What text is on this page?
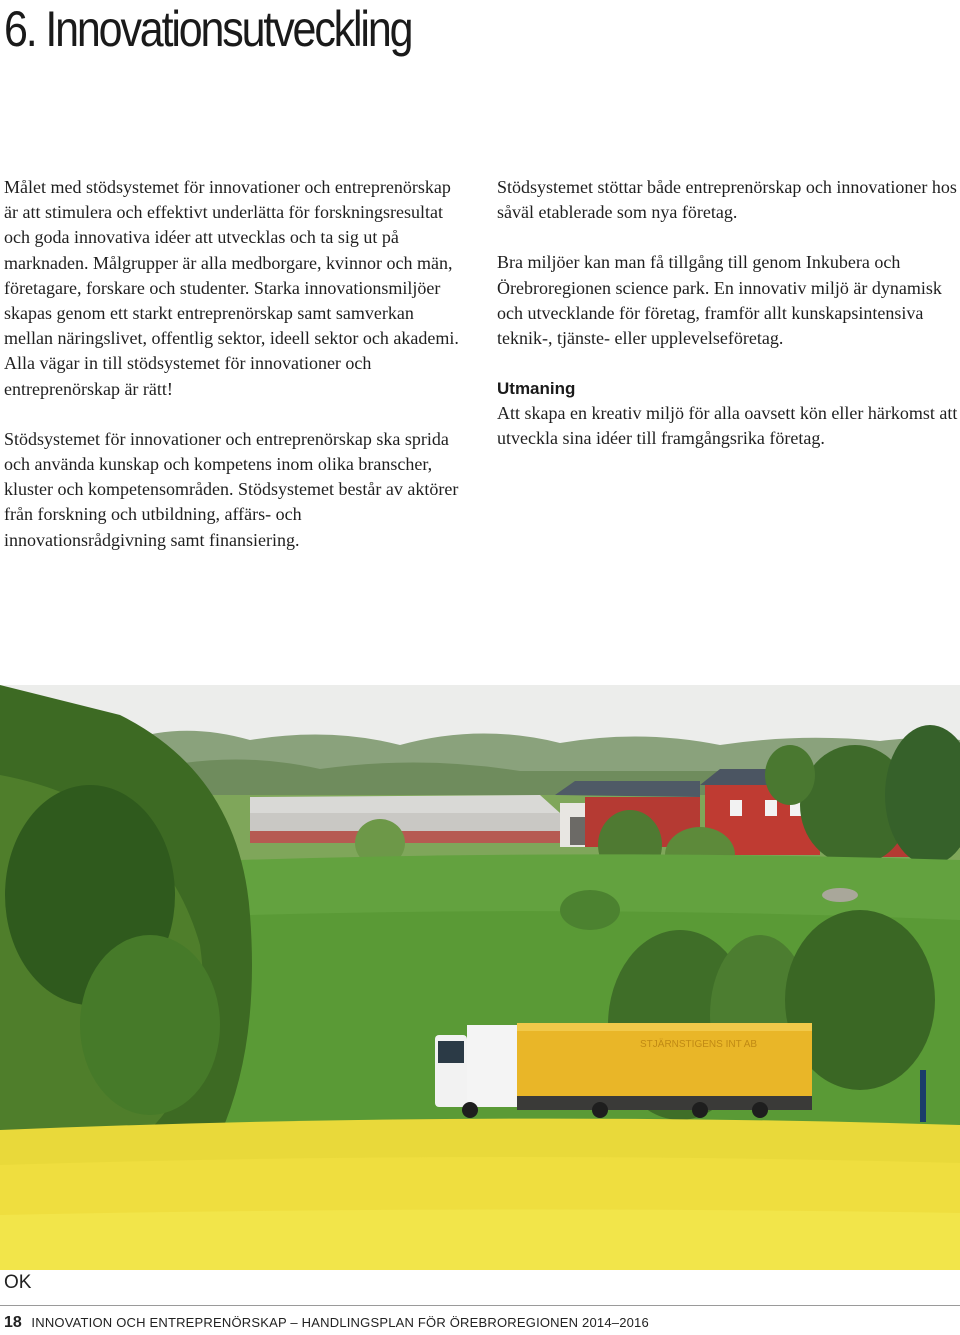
6. Innovationsutveckling

Målet med stödsystemet för innovationer och entreprenörskap är att stimulera och effektivt underlätta för forskningsresultat och goda innovativa idéer att utvecklas och ta sig ut på marknaden. Målgrupper är alla medborgare, kvinnor och män, företagare, forskare och studenter. Starka innovationsmiljöer skapas genom ett starkt entreprenörskap samt samverkan mellan näringslivet, offentlig sektor, ideell sektor och akademi. Alla vägar in till stödsystemet för innovationer och entreprenörskap är rätt!

Stödsystemet för innovationer och entreprenörskap ska sprida och använda kunskap och kompetens inom olika branscher, kluster och kompetensområden. Stödsystemet består av aktörer från forskning och utbildning, affärs- och innovationsrådgivning samt finansiering.

Stödsystemet stöttar både entreprenörskap och innovationer hos såväl etablerade som nya företag.

Bra miljöer kan man få tillgång till genom Inkubera och Örebroregionen science park. En innovativ miljö är dynamisk och utvecklande för företag, framför allt kunskapsintensiva teknik-, tjänste- eller upplevelseföretag.

Utmaning

Att skapa en kreativ miljö för alla oavsett kön eller härkomst att utveckla sina idéer till framgångsrika företag.

STJÄRNSTIGENS INT AB
OK
18 INNOVATION OCH ENTREPRENÖRSKAP – HANDLINGSPLAN FÖR ÖREBROREGIONEN 2014–2016
